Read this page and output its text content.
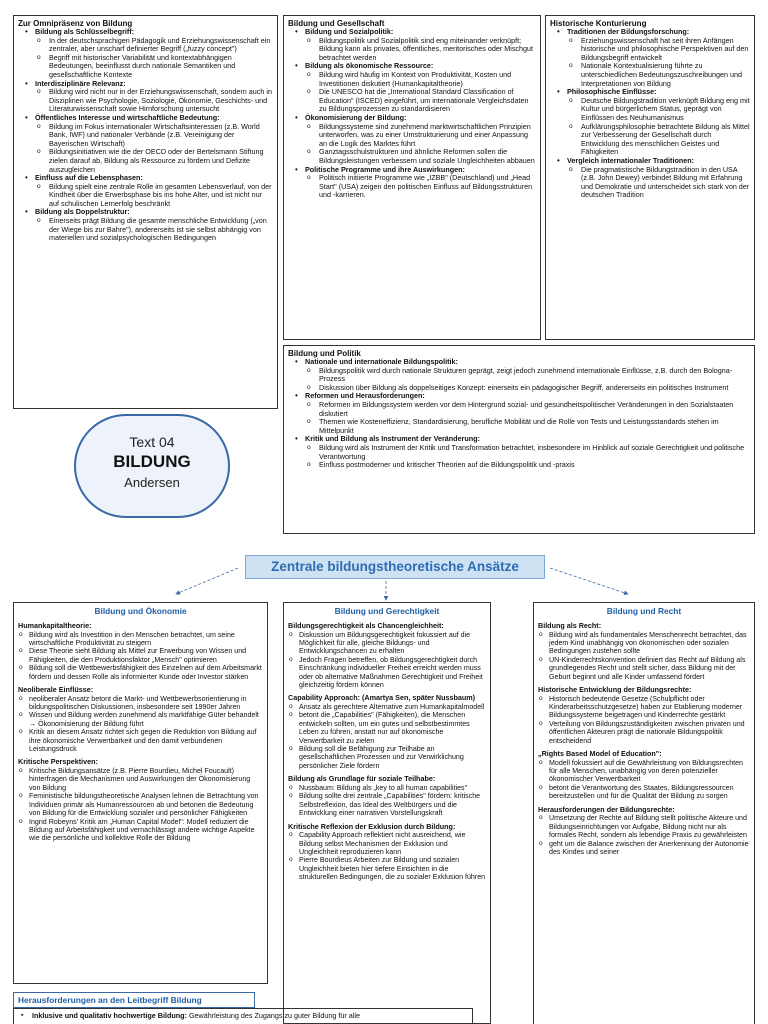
Zur Omnipräsenz von Bildung
• Bildung als Schlüsselbegriff:
o In der deutschsprachigen Pädagogik und Erziehungswissenschaft ein zentraler, aber unscharf definierter Begriff („fuzzy concept")
o Begriff mit historischer Variabilität und kontextabhängigen Bedeutungen, beeinflusst durch nationale Semantiken und gesellschaftliche Kontexte
• Interdisziplinäre Relevanz:
o Bildung wird nicht nur in der Erziehungswissenschaft, sondern auch in Disziplinen wie Psychologie, Soziologie, Ökonomie, Geschichts- und Literaturwissenschaft sowie Hirnforschung untersucht
• Öffentliches Interesse und wirtschaftliche Bedeutung:
o Bildung im Fokus internationaler Wirtschaftsinteressen (z.B. World Bank, IWF) und nationaler Verbände (z.B. Vereinigung der Bayerischen Wirtschaft)
o Bildungsinitiativen wie die der OECD oder der Bertelsmann Stiftung zielen darauf ab, Bildung als Ressource zu fördern und Defizite auszugleichen
• Einfluss auf die Lebensphasen:
o Bildung spielt eine zentrale Rolle im gesamten Lebensverlauf, von der Kindheit über die Erwerbsphase bis ins hohe Alter, und ist nicht nur auf schulischen Lernerfolg beschränkt
• Bildung als Doppelstruktur:
o Einerseits prägt Bildung die gesamte menschliche Entwicklung („von der Wiege bis zur Bahre"), andererseits ist sie selbst abhängig von materiellen und sozialpsychologischen Bedingungen
Bildung und Gesellschaft
• Bildung und Sozialpolitik:
o Bildungspolitik und Sozialpolitik sind eng miteinander verknüpft; Bildung kann als privates, öffentliches, meritorisches oder Mischgut betrachtet werden
• Bildung als ökonomische Ressource:
o Bildung wird häufig im Kontext von Produktivität, Kosten und Investitionen diskutiert (Humankapitaltheorie)
o Die UNESCO hat die „International Standard Classification of Education" (ISCED) eingeführt, um internationale Vergleichsdaten zu Bildungsprozessen zu standardisieren
• Ökonomisierung der Bildung:
o Bildungssysteme sind zunehmend marktwirtschaftlichen Prinzipien unterworfen, was zu einer Umstrukturierung und einer Anpassung an die Logik des Marktes führt
o Ganztagsschulstrukturen und ähnliche Reformen sollen die Bildungsleistungen verbessern und soziale Ungleichheiten abbauen
• Politische Programme und ihre Auswirkungen:
o Politisch initiierte Programme wie „IZBB" (Deutschland) und „Head Start" (USA) zeigen den politischen Einfluss auf Bildungsstrukturen und -karrieren.
Historische Konturierung
• Traditionen der Bildungsforschung:
o Erziehungswissenschaft hat seit ihren Anfängen historische und philosophische Perspektiven auf den Bildungsbegriff entwickelt
o Nationale Kontextualisierung führte zu unterschiedlichen Bedeutungszuschreibungen und Interpretationen von Bildung
• Philosophische Einflüsse:
o Deutsche Bildungstradition verknüpft Bildung eng mit Kultur und bürgerlichem Status, geprägt von Einflüssen des Neuhumanismus
o Aufklärungsphilosophie betrachtete Bildung als Mittel zur Verbesserung der Gesellschaft durch Entwicklung des menschlichen Geistes und Fähigkeiten
• Vergleich internationaler Traditionen:
o Die pragmatistische Bildungstradition in den USA (z.B. John Dewey) verbindet Bildung mit Erfahrung und Demokratie und unterscheidet sich stark von der deutschen Tradition
Bildung und Politik
• Nationale und internationale Bildungspolitik:
o Bildungspolitik wird durch nationale Strukturen geprägt, zeigt jedoch zunehmend internationale Einflüsse, z.B. durch den Bologna-Prozess
o Diskussion über Bildung als doppelseitiges Konzept: einerseits ein pädagogischer Begriff, andererseits ein politisches Instrument
• Reformen und Herausforderungen:
o Reformen im Bildungssystem werden vor dem Hintergrund sozial- und gesundheitspolitischer Veränderungen in den Sozialstaaten diskutiert
o Themen wie Kosteneffizienz, Standardisierung, berufliche Mobilität und die Rolle von Tests und Leistungsstandards stehen im Mittelpunkt
• Kritik und Bildung als Instrument der Veränderung:
o Bildung wird als Instrument der Kritik und Transformation betrachtet, insbesondere im Hinblick auf soziale Gerechtigkeit und politische Verantwortung
o Einfluss postmoderner und kritischer Theorien auf die Bildungspolitik und -praxis
Text 04
BILDUNG
Andersen
Zentrale bildungstheoretische Ansätze
Bildung und Ökonomie
Humankapitaltheorie:
o Bildung wird als Investition in den Menschen betrachtet, um seine wirtschaftliche Produktivität zu steigern
o Diese Theorie sieht Bildung als Mittel zur Erwerbung von Wissen und Fähigkeiten, die den Produktionsfaktor „Mensch" optimieren
o Bildung soll die Wettbewerbsfähigkeit des Einzelnen auf dem Arbeitsmarkt fördern und dessen Rolle als informierter Kunde oder Investor stärken
Neoliberale Einflüsse:
o neoliberaler Ansatz betont die Markt- und Wettbewerbsorientierung in bildungspolitischen Diskussionen, insbesondere seit 1990er Jahren
o Wissen und Bildung werden zunehmend als marktfähige Güter behandelt → Ökonomisierung der Bildung führt
o Kritik an diesem Ansatz richtet sich gegen die Reduktion von Bildung auf ihre ökonomische Verwertbarkeit und den damit verbundenen Leistungsdruck
Kritische Perspektiven:
o Kritische Bildungsansätze (z.B. Pierre Bourdieu, Michel Foucault) hinterfragen die Mechanismen und Auswirkungen der Ökonomisierung von Bildung
o Feministische bildungstheoretische Analysen lehnen die Betrachtung von Individuen primär als Humanressourcen ab und betonen die Bedeutung von Bildung für die Entwicklung sozialer und persönlicher Fähigkeiten
o Ingrid Robeyns' Kritik am „Human Capital Model": Modell reduziert die Bildung auf Arbeitsfähigkeit und vernachlässigt andere wichtige Aspekte wie die persönliche und kollektive Rolle der Bildung
Bildung und Gerechtigkeit
Bildungsgerechtigkeit als Chancengleichheit:
o Diskussion um Bildungsgerechtigkeit fokussiert auf die Möglichkeit für alle, gleiche Bildungs- und Entwicklungschancen zu erhalten
o Jedoch Fragen betreffen, ob Bildungsgerechtigkeit durch Einschränkung individueller Freiheit erreicht werden muss oder ob alternative Maßnahmen Gerechtigkeit und Freiheit gleichzeitig fördern können
Capability Approach: (Amartya Sen, später Nussbaum)
o Ansatz als gerechtere Alternative zum Humankapitalmodell
o betont die „Capabilities" (Fähigkeiten), die Menschen entwickeln sollten, um ein gutes und selbstbestimmtes Leben zu führen, anstatt nur auf ökonomische Verwertbarkeit zu zielen
o Bildung soll die Befähigung zur Teilhabe an gesellschaftlichen Prozessen und zur Verwirklichung persönlicher Ziele fördern
Bildung als Grundlage für soziale Teilhabe:
o Nussbaum: Bildung als „key to all human capabilities"
o Bildung sollte drei zentrale „Capabilities" fördern: kritische Selbstreflexion, das Ideal des Weltbürgers und die Entwicklung einer narrativen Vorstellungskraft
Kritische Reflexion der Exklusion durch Bildung:
o Capability Approach reflektiert nicht ausreichend, wie Bildung selbst Mechanismen der Exklusion und Ungleichheit reproduzieren kann
o Pierre Bourdieus Arbeiten zur Bildung und sozialen Ungleichheit bieten hier tiefere Einsichten in die strukturellen Bedingungen, die zu sozialer Exklusion führen
Bildung und Recht
Bildung als Recht:
o Bildung wird als fundamentales Menschenrecht betrachtet, das jedem Kind unabhängig von ökonomischen oder sozialen Bedingungen zustehen sollte
o UN-Kinderrechtskonvention definiert das Recht auf Bildung als grundlegendes Recht und stellt sicher, dass Bildung mit der Geburt beginnt und alle Kinder umfassend fördert
Historische Entwicklung der Bildungsrechte:
o Historisch bedeutende Gesetze (Schulpflicht oder Kinderarbeitsschutzgesetze) haben zur Etablierung moderner Bildungssysteme beigetragen und Kinderrechte gestärkt
o Verteilung von Bildungszuständigkeiten zwischen privaten und öffentlichen Akteuren prägt die nationale Bildungspolitik entscheidend
„Rights Based Model of Education":
o Modell fokussiert auf die Gewährleistung von Bildungsrechten für alle Menschen, unabhängig von deren potenzieller ökonomischer Verwertbarkeit
o betont die Verantwortung des Staates, Bildungsressourcen bereitzustellen und für die Qualität der Bildung zu sorgen
Herausforderungen der Bildungsrechte:
o Umsetzung der Rechte auf Bildung stellt politische Akteure und Bildungseinrichtungen vor Aufgabe, Bildung nicht nur als formales Recht, sondern als lebendige Praxis zu gewährleisten
o geht um die Balance zwischen der Anerkennung der Autonomie des Kindes und seiner
Herausforderungen an den Leitbegriff Bildung
▪ Inklusive und qualitativ hochwertige Bildung: Gewährleistung des Zugangs zu guter Bildung für alle
